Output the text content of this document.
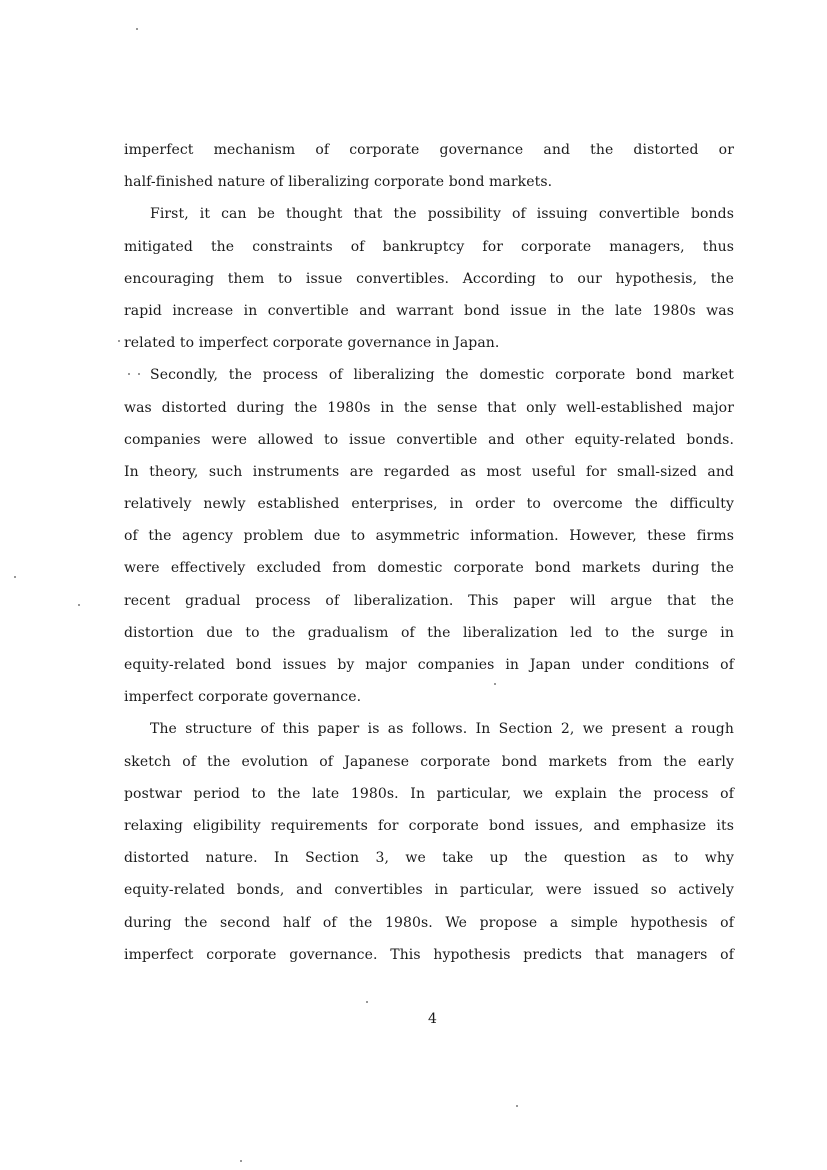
imperfect mechanism of corporate governance and the distorted or
half-finished nature of liberalizing corporate bond markets.
First, it can be thought that the possibility of issuing convertible bonds
mitigated the constraints of bankruptcy for corporate managers, thus
encouraging them to issue convertibles. According to our hypothesis, the
rapid increase in convertible and warrant bond issue in the late 1980s was
related to imperfect corporate governance in Japan.
Secondly, the process of liberalizing the domestic corporate bond market
was distorted during the 1980s in the sense that only well-established major
companies were allowed to issue convertible and other equity-related bonds.
In theory, such instruments are regarded as most useful for small-sized and
relatively newly established enterprises, in order to overcome the difficulty
of the agency problem due to asymmetric information. However, these firms
were effectively excluded from domestic corporate bond markets during the
recent gradual process of liberalization. This paper will argue that the
distortion due to the gradualism of the liberalization led to the surge in
equity-related bond issues by major companies in Japan under conditions of
imperfect corporate governance.
The structure of this paper is as follows. In Section 2, we present a rough
sketch of the evolution of Japanese corporate bond markets from the early
postwar period to the late 1980s. In particular, we explain the process of
relaxing eligibility requirements for corporate bond issues, and emphasize its
distorted nature. In Section 3, we take up the question as to why
equity-related bonds, and convertibles in particular, were issued so actively
during the second half of the 1980s. We propose a simple hypothesis of
imperfect corporate governance. This hypothesis predicts that managers of
4
